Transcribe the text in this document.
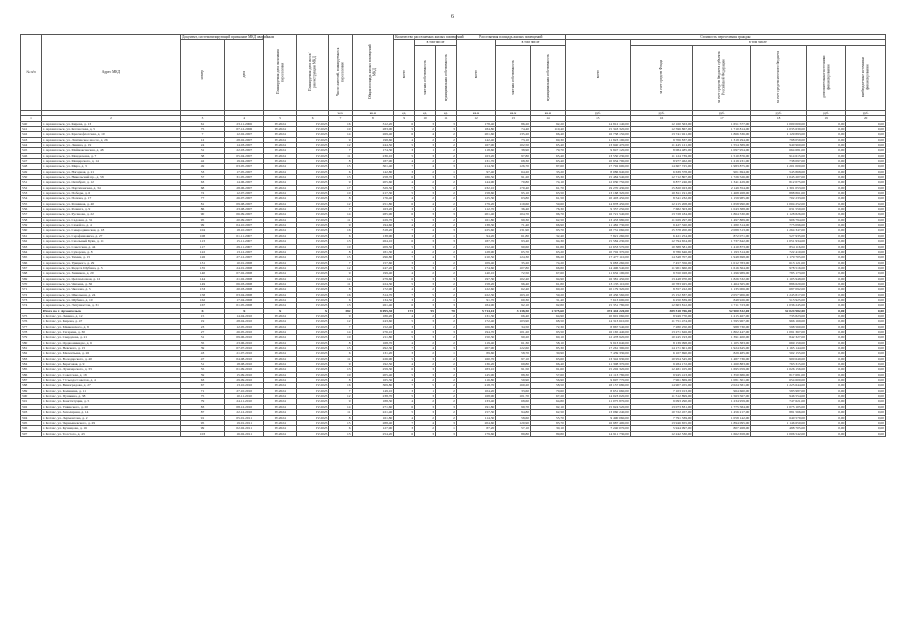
6
№ п/п	Адрес МКД	Документ, систематизирующий признание МКД аварийным		Планируемая дата окончания переселения	Планируемая дата сноса/реконструкции МКД	Число жителей, планируемых к переселению	Общая площадь жилых помещений МКД	Количество расселяемых жилых помещений			Расселяемая площадь жилых помещений			Стоимость переселения граждан					
		номер	дата					всего	в том числе		всего	в том числе		всего	в том числе				
									частная собственность	муниципальная собственность		частная собственность	муниципальная собственность		за счет средств Фонда	за счет средств бюджета субъекта Российской Федерации	за счет средств местного бюджета	дополнительные источники финансирования	внебюджетные источники финансирования
						чел.	кв.м	ед.	ед.	ед.	кв.м	кв.м	кв.м	руб.	руб.	руб.	руб.	руб.	руб.
1	2	3	4	5	6	7	8	9	10	11	12	13	14	15	16	17	18	19	20
540	г. Архангельск, ул. Кирова, д. 13	61	23.11.2006	IV.2024	IV.2025	16	312,20	6	3	3	178,40	86,20	92,20	14 812 140,00	12 160 563,00	1 651 577,00	1 000 000,00	0,00	0,00
541	г. Архангельск, ул. Котласская, д. 5	75	07.12.2006	IV.2024	IV.2025	10	283,00	5	2	3	184,80	74,40	110,40	15 343 320,00	12 596 867,00	1 710 814,00	1 035 639,00	0,00	0,00
542	г. Архангельск, ул. Краснофлотская, д. 10	7	12.02.2007	IV.2024	IV.2025	14	269,40	6	4	2	201,60	135,20	66,40	16 738 150,00	13 741 921,00	1 866 336,00	1 129 893,00	0,00	0,00
543	г. Архангельск, ул. Лахтинское шоссе, д. 26	12	28.02.2007	IV.2024	IV.2025	9	198,60	4	2	2	142,40	73,10	69,30	11 823 190,00	9 706 837,00	1 318 294,00	798 059,00	0,00	0,00
544	г. Архангельск, ул. Ленина, д. 19	24	14.03.2007	IV.2024	IV.2025	12	244,50	5	3	2	167,90	102,50	65,40	13 940 470,00	11 445 121,00	1 554 389,00	940 960,00	0,00	0,00
545	г. Архангельск, ул. Маймаксанская, д. 48	31	22.03.2007	IV.2024	IV.2025	7	174,30	3	1	2	118,60	38,90	79,70	9 847 120,00	8 084 485,00	1 097 954,00	664 681,00	0,00	0,00
546	г. Архангельск, ул. Менделеева, д. 7	38	05.04.2007	IV.2024	IV.2025	11	236,10	5	3	2	163,20	97,80	65,40	13 550 230,00	11 124 739,00	1 510 876,00	914 615,00	0,00	0,00
547	г. Архангельск, ул. Мещерского, д. 14	42	19.04.2007	IV.2024	IV.2025	8	187,90	4	2	2	131,70	68,30	63,40	10 934 790,00	8 977 462,00	1 219 231,00	738 097,00	0,00	0,00
548	г. Архангельск, ул. Мира, д. 3	49	03.05.2007	IV.2024	IV.2025	15	301,40	7	4	3	214,30	126,70	87,60	17 792 600,00	14 607 725,00	1 983 875,00	1 201 000,00	0,00	0,00
549	г. Архангельск, ул. Нагорная, д. 21	53	17.05.2007	IV.2024	IV.2025	6	142,80	3	2	1	97,40	64,20	33,20	8 086 940,00	6 639 378,00	901 694,00	545 868,00	0,00	0,00
550	г. Архангельск, ул. Никольский пр., д. 58	57	31.05.2007	IV.2024	IV.2025	13	258,70	6	3	3	186,50	91,20	95,30	15 484 540,00	12 712 807,00	1 726 526,00	1 045 207,00	0,00	0,00
551	г. Архангельск, ул. Октябрят, д. 12	63	14.06.2007	IV.2024	IV.2025	9	205,60	4	2	2	144,90	70,80	74,10	12 030 750,00	9 877 246,00	1 341 429,00	812 075,00	0,00	0,00
552	г. Архангельск, ул. Партизанская, д. 34	68	28.06.2007	IV.2024	IV.2025	17	329,50	7	5	2	232,10	170,40	61,70	19 270 430,00	15 820 023,00	2 149 354,00	1 301 053,00	0,00	0,00
553	г. Архангельск, ул. Победы, д. 6	72	12.07.2007	IV.2024	IV.2025	10	217,30	5	3	2	158,60	95,10	63,50	13 168 320,00	10 811 191,00	1 468 268,00	888 861,00	0,00	0,00
554	г. Архангельск, ул. Попова, д. 17	77	26.07.2007	IV.2024	IV.2025	8	176,40	4	2	2	125,30	63,80	61,50	10 403 450,00	8 541 232,00	1 159 985,00	702 233,00	0,00	0,00
555	г. Архангельск, ул. Речников, д. 40	81	09.08.2007	IV.2024	IV.2025	12	251,80	6	4	2	179,20	119,60	59,60	14 878 450,00	12 215 208,00	1 658 990,00	1 004 252,00	0,00	0,00
556	г. Архангельск, ул. Розинга, д. 9	86	23.08.2007	IV.2024	IV.2025	7	163,20	3	1	2	112,70	36,40	76,30	9 357 250,00	7 682 303,00	1 043 388,00	631 559,00	0,00	0,00
557	г. Архангельск, ул. Русанова, д. 22	90	06.09.2007	IV.2024	IV.2025	14	285,90	6	3	3	201,40	104,70	96,70	16 721 540,00	13 728 184,00	1 864 530,00	1 128 826,00	0,00	0,00
558	г. Архангельск, ул. Садовая, д. 31	95	20.09.2007	IV.2024	IV.2025	11	229,70	5	3	2	161,80	99,30	62,50	13 433 980,00	11 029 297,00	1 497 889,00	906 794,00	0,00	0,00
559	г. Архангельск, ул. Самойло, д. 4	99	04.10.2007	IV.2024	IV.2025	9	194,60	4	2	2	138,30	71,40	66,90	11 482 730,00	9 427 320,00	1 280 314,00	775 096,00	0,00	0,00
560	г. Архангельск, ул. Северодвинская, д. 18	104	18.10.2007	IV.2024	IV.2025	16	318,20	7	4	3	225,60	131,90	93,70	18 731 060,00	15 378 200,00	2 088 513,00	1 264 347,00	0,00	0,00
561	г. Архангельск, ул. Серафимовича, д. 27	108	01.11.2007	IV.2024	IV.2025	6	138,90	3	2	1	94,20	61,80	32,40	7 821 260,00	6 421 254,00	872 071,00	527 935,00	0,00	0,00
562	г. Архангельск, ул. Смольный Буян, д. 11	113	15.11.2007	IV.2024	IV.2025	13	264,10	6	3	3	187,70	93,40	94,30	15 584 230,00	12 794 654,00	1 737 642,00	1 051 934,00	0,00	0,00
563	г. Архангельск, ул. Советская, д. 44	117	29.11.2007	IV.2024	IV.2025	10	209,50	5	3	2	152,40	90,60	61,80	12 653 570,00	10 388 581,00	1 410 873,00	854 116,00	0,00	0,00
564	г. Архангельск, ул. Суворова, д. 8	122	13.12.2007	IV.2024	IV.2025	8	181,30	4	2	2	128,90	65,70	63,20	10 702 370,00	8 786 646,00	1 193 314,00	722 410,00	0,00	0,00
565	г. Архангельск, ул. Тимме, д. 15	126	27.12.2007	IV.2024	IV.2025	15	296,80	7	4	3	210,50	124,30	86,20	17 477 110,00	14 348 707,00	1 948 698,00	1 179 705,00	0,00	0,00
566	г. Архангельск, ул. Урицкого, д. 29	131	10.01.2008	IV.2024	IV.2025	7	157,60	3	1	2	109,40	35,20	74,20	9 083 260,00	7 457 356,00	1 012 783,00	613 121,00	0,00	0,00
567	г. Архангельск, ул. Федота Шубина, д. 3	135	24.01.2008	IV.2024	IV.2025	12	247,20	5	3	2	174,60	107,80	66,80	14 496 540,00	11 901 660,00	1 616 364,00	978 516,00	0,00	0,00
568	г. Архангельск, ул. Химиков, д. 20	140	07.02.2008	IV.2024	IV.2025	9	199,40	4	2	2	140,10	72,50	67,60	11 632 190,00	9 550 028,00	1 296 989,00	785 173,00	0,00	0,00
569	г. Архангельск, ул. Целлюлозная, д. 12	144	21.02.2008	IV.2024	IV.2025	14	279,60	6	3	3	197,30	102,40	94,90	16 381 450,00	13 448 970,00	1 826 532,00	1 105 948,00	0,00	0,00
570	г. Архангельск, ул. Чапаева, д. 36	149	06.03.2008	IV.2024	IV.2025	11	224,30	5	3	2	158,20	96,40	61,80	13 135 110,00	10 783 925,00	1 464 565,00	886 620,00	0,00	0,00
571	г. Архангельск, ул. Чкалова, д. 5	153	20.03.2008	IV.2024	IV.2025	8	172,90	4	2	2	122,60	62,40	60,20	10 179 320,00	8 357 222,00	1 135 006,00	687 092,00	0,00	0,00
572	г. Архангельск, ул. Школьная, д. 24	158	03.04.2008	IV.2024	IV.2025	16	314,70	7	5	2	222,30	163,10	59,20	18 456 560,00	15 152 837,00	2 057 906,00	1 245 817,00	0,00	0,00
573	г. Архангельск, ул. Шубина, д. 10	162	17.04.2008	IV.2024	IV.2025	6	134,50	3	2	1	91,70	60,30	31,40	7 613 690,00	6 250 839,00	848 926,00	513 925,00	0,00	0,00
574	г. Архангельск, ул. Энтузиастов, д. 31	167	01.05.2008	IV.2024	IV.2025	13	261,40	6	3	3	184,90	92,10	92,80	15 351 780,00	12 603 812,00	1 711 723,00	1 036 245,00	0,00	0,00
	Итого по г. Архангельск	X	X	X	X	382	8 095,30	173	95	78	5 714,10	3 138,50	2 575,60	474 444 220,00	389 518 706,00	52 900 532,00	32 024 982,00	0,00	0,00
575	г. Котлас, ул. Ленина, д. 12	15	14.04.2010	IV.2024	IV.2025	9	186,20	4	2	2	131,30	66,40	64,90	10 901 060,00	8 949 770,00	1 215 467,00	735 823,00	0,00	0,00
576	г. Котлас, ул. Кирова, д. 47	19	28.04.2010	IV.2024	IV.2025	12	243,60	5	3	2	172,40	103,90	68,50	14 313 610,00	11 751 474,00	1 595 967,00	966 169,00	0,00	0,00
577	г. Котлас, ул. Маяковского, д. 8	23	12.05.2010	IV.2024	IV.2025	7	152,40	3	1	2	106,80	34,50	72,30	8 867 540,00	7 280 250,00	988 730,00	598 560,00	0,00	0,00
578	г. Котлас, ул. Гагарина, д. 30	27	26.05.2010	IV.2024	IV.2025	14	276,10	6	3	3	194,70	101,20	93,50	16 165 440,00	13 271 626,00	1 802 447,00	1 091 367,00	0,00	0,00
579	г. Котлас, ул. Свердлова, д. 21	31	09.06.2010	IV.2024	IV.2025	10	211,80	5	3	2	150,30	90,20	60,10	12 478 920,00	10 245 193,00	1 391 400,00	842 327,00	0,00	0,00
580	г. Котлас, ул. Орджоникидзе, д. 6	35	23.06.2010	IV.2024	IV.2025	8	168,70	4	2	2	119,40	61,30	58,10	9 913 640,00	8 139 098,00	1 105 383,00	669 159,00	0,00	0,00
581	г. Котлас, ул. Невского, д. 15	39	07.07.2010	IV.2024	IV.2025	15	292,30	7	4	3	207,90	122,60	85,30	17 261 390,00	14 171 601,00	1 924 645,00	1 165 144,00	0,00	0,00
582	г. Котлас, ул. Мелентьева, д. 26	43	21.07.2010	IV.2024	IV.2025	6	131,20	3	2	1	89,60	58,70	30,90	7 439 330,00	6 107 690,00	829 485,00	502 155,00	0,00	0,00
583	г. Котлас, ул. Володарского, д. 40	47	04.08.2010	IV.2024	IV.2025	11	226,90	5	3	2	160,70	97,10	63,60	13 342 930,00	10 954 545,00	1 487 736,00	900 649,00	0,00	0,00
584	г. Котлас, ул. Береговая, д. 9	51	18.08.2010	IV.2024	IV.2025	9	192,50	4	2	2	136,20	69,80	66,40	11 308 370,00	9 284 172,00	1 260 883,00	763 315,00	0,00	0,00
585	г. Котлас, ул. Луначарского, д. 33	55	01.09.2010	IV.2024	IV.2025	13	259,30	6	3	3	183,10	91,50	91,60	15 202 320,00	12 481 105,00	1 695 059,00	1 026 156,00	0,00	0,00
586	г. Котлас, ул. Советская, д. 18	59	15.09.2010	IV.2024	IV.2025	10	205,40	5	3	2	145,90	88,30	57,60	12 113 780,00	9 945 413,00	1 350 686,00	817 681,00	0,00	0,00
587	г. Котлас, ул. 7 Съезда Советов, д. 4	63	29.09.2010	IV.2024	IV.2025	8	165,30	4	2	2	116,80	59,90	56,90	9 697 770,00	7 961 869,00	1 081 301,00	654 600,00	0,00	0,00
588	г. Котлас, ул. Виноградова, д. 27	67	13.10.2010	IV.2024	IV.2025	16	309,80	7	5	2	218,70	160,20	58,50	18 157 680,00	14 907 455,00	2 024 581,00	1 225 644,00	0,00	0,00
589	г. Котлас, ул. Калинина, д. 11	71	27.10.2010	IV.2024	IV.2025	7	149,10	3	1	2	104,20	33,60	70,60	8 651 660,00	7 103 013,00	964 660,00	583 987,00	0,00	0,00
590	г. Котлас, ул. Пушкина, д. 38	75	10.11.2010	IV.2024	IV.2025	12	238,70	5	3	2	168,90	101,70	67,20	14 023 020,00	11 512 899,00	1 563 567,00	946 554,00	0,00	0,00
591	г. Котлас, ул. Конституции, д. 5	79	24.11.2010	IV.2024	IV.2025	9	188,30	4	2	2	133,40	68,60	64,80	11 075 870,00	9 093 290,00	1 234 959,00	747 621,00	0,00	0,00
592	г. Котлас, ул. Ушинского, д. 20	83	08.12.2010	IV.2024	IV.2025	14	271,60	6	3	3	191,80	99,70	92,10	15 924 520,00	13 073 831,00	1 775 584,00	1 075 105,00	0,00	0,00
593	г. Котлас, ул. Заполярная, д. 14	87	22.12.2010	IV.2024	IV.2025	11	221,40	5	3	2	157,30	94,80	62,50	13 060 240,00	10 722 457,00	1 456 217,00	881 566,00	0,00	0,00
594	г. Котлас, ул. Лермонтова, д. 2	91	05.01.2011	IV.2024	IV.2025	8	161,80	4	2	2	114,30	58,60	55,70	9 490 060,00	7 791 339,00	1 058 142,00	640 579,00	0,00	0,00
595	г. Котлас, ул. Чернышевского, д. 29	95	19.01.2011	IV.2024	IV.2025	15	288,40	7	4	3	204,60	120,90	83,70	16 987 400,00	13 946 655,00	1 894 095,00	1 146 650,00	0,00	0,00
596	г. Котлас, ул. Кузнецова, д. 16	99	02.02.2011	IV.2024	IV.2025	6	127,90	3	2	1	87,20	57,10	30,10	7 240 070,00	5 944 097,00	807 268,00	488 705,00	0,00	0,00
597	г. Котлас, ул. Толстого, д. 43	103	16.02.2011	IV.2024	IV.2025	13	254,20	6	3	3	179,60	89,80	89,80	14 911 730,00	12 242 530,00	1 662 658,00	1 006 542,00	0,00	0,00
